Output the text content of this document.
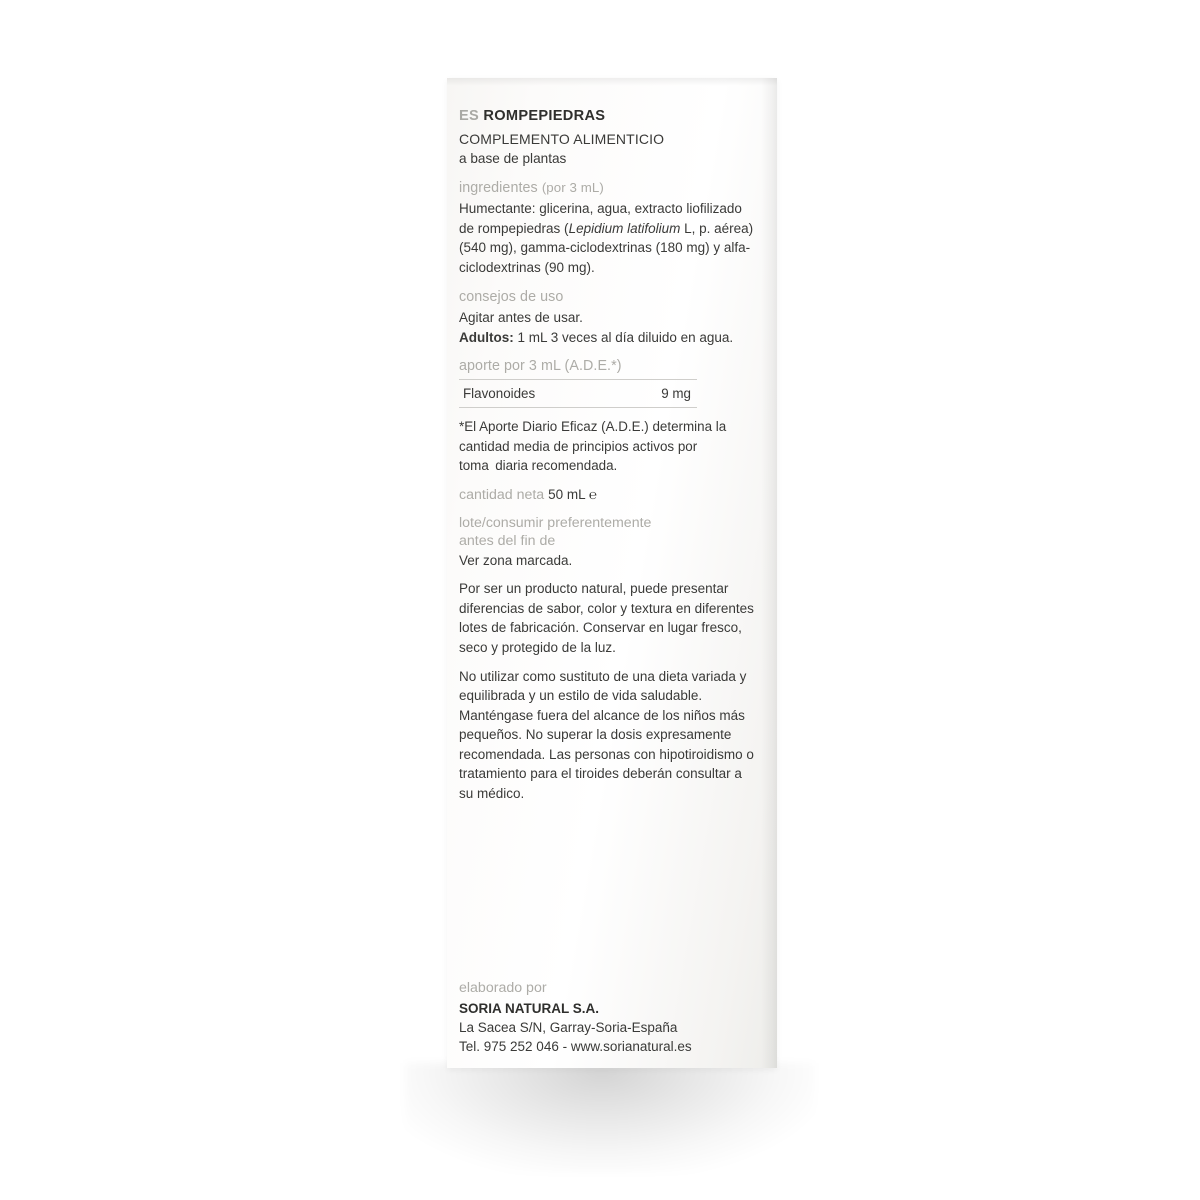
ES ROMPEPIEDRAS
COMPLEMENTO ALIMENTICIO
a base de plantas
ingredientes (por 3 mL)
Humectante: glicerina, agua, extracto liofilizado de rompepiedras (Lepidium latifolium L, p. aérea) (540 mg), gamma-ciclodextrinas (180 mg) y alfa-ciclodextrinas (90 mg).
consejos de uso
Agitar antes de usar.
Adultos: 1 mL 3 veces al día diluido en agua.
aporte por 3 mL (A.D.E.*)
Flavonoides	9 mg
*El Aporte Diario Eficaz (A.D.E.) determina la cantidad media de principios activos por toma diaria recomendada.
cantidad neta 50 mL ℮
lote/consumir preferentemente
antes del fin de
Ver zona marcada.
Por ser un producto natural, puede presentar diferencias de sabor, color y textura en diferentes lotes de fabricación. Conservar en lugar fresco, seco y protegido de la luz.
No utilizar como sustituto de una dieta variada y equilibrada y un estilo de vida saludable. Manténgase fuera del alcance de los niños más pequeños. No superar la dosis expresamente recomendada. Las personas con hipotiroidismo o tratamiento para el tiroides deberán consultar a su médico.
elaborado por
SORIA NATURAL S.A.
La Sacea S/N, Garray-Soria-España
Tel. 975 252 046 - www.sorianatural.es
